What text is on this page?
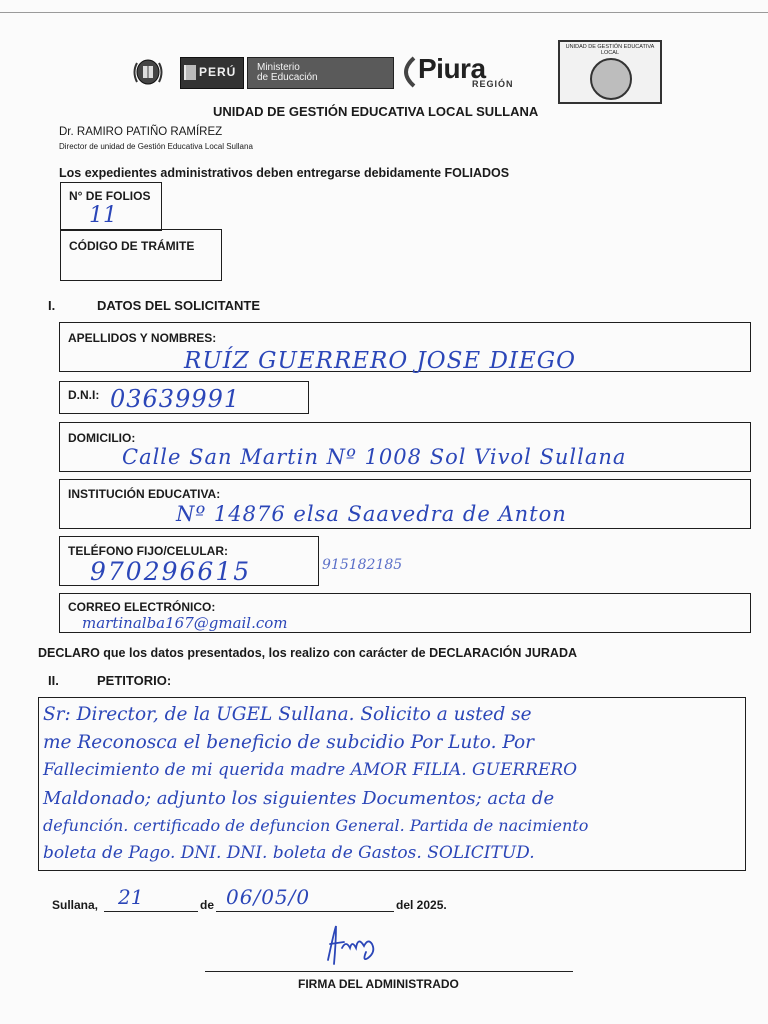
PERÚ Ministerio
de Educación	Piura
REGIÓN
UNIDAD DE GESTIÓN EDUCATIVA LOCAL
UNIDAD DE GESTIÓN EDUCATIVA LOCAL SULLANA
Dr. RAMIRO PATIÑO RAMÍREZ
Director de unidad de Gestión Educativa Local Sullana
Los expedientes administrativos deben entregarse debidamente FOLIADOS
N° DE FOLIOS
11
CÓDIGO DE TRÁMITE
I.	DATOS DEL SOLICITANTE
APELLIDOS Y NOMBRES:
RUÍZ GUERRERO JOSE DIEGO
D.N.I: 03639991
DOMICILIO:
Calle San Martin Nº 1008 Sol Vivol Sullana
INSTITUCIÓN EDUCATIVA:
Nº 14876 elsa Saavedra de Anton
TELÉFONO FIJO/CELULAR:
970296615	915182185
CORREO ELECTRÓNICO:
martinalba167@gmail.com
DECLARO que los datos presentados, los realizo con carácter de DECLARACIÓN JURADA
II.	PETITORIO:
Sr: Director, de la UGEL Sullana. Solicito a usted se
me Reconosca el beneficio de subcidio Por Luto. Por
Fallecimiento de mi querida madre AMOR FILIA. GUERRERO
Maldonado; adjunto los siguientes Documentos; acta de
defunción. certificado de defuncion General. Partida de nacimiento
boleta de Pago. DNI. DNI. boleta de Gastos. SOLICITUD.
Sullana, 21	de 06/05/0	del 2025.
FIRMA DEL ADMINISTRADO
